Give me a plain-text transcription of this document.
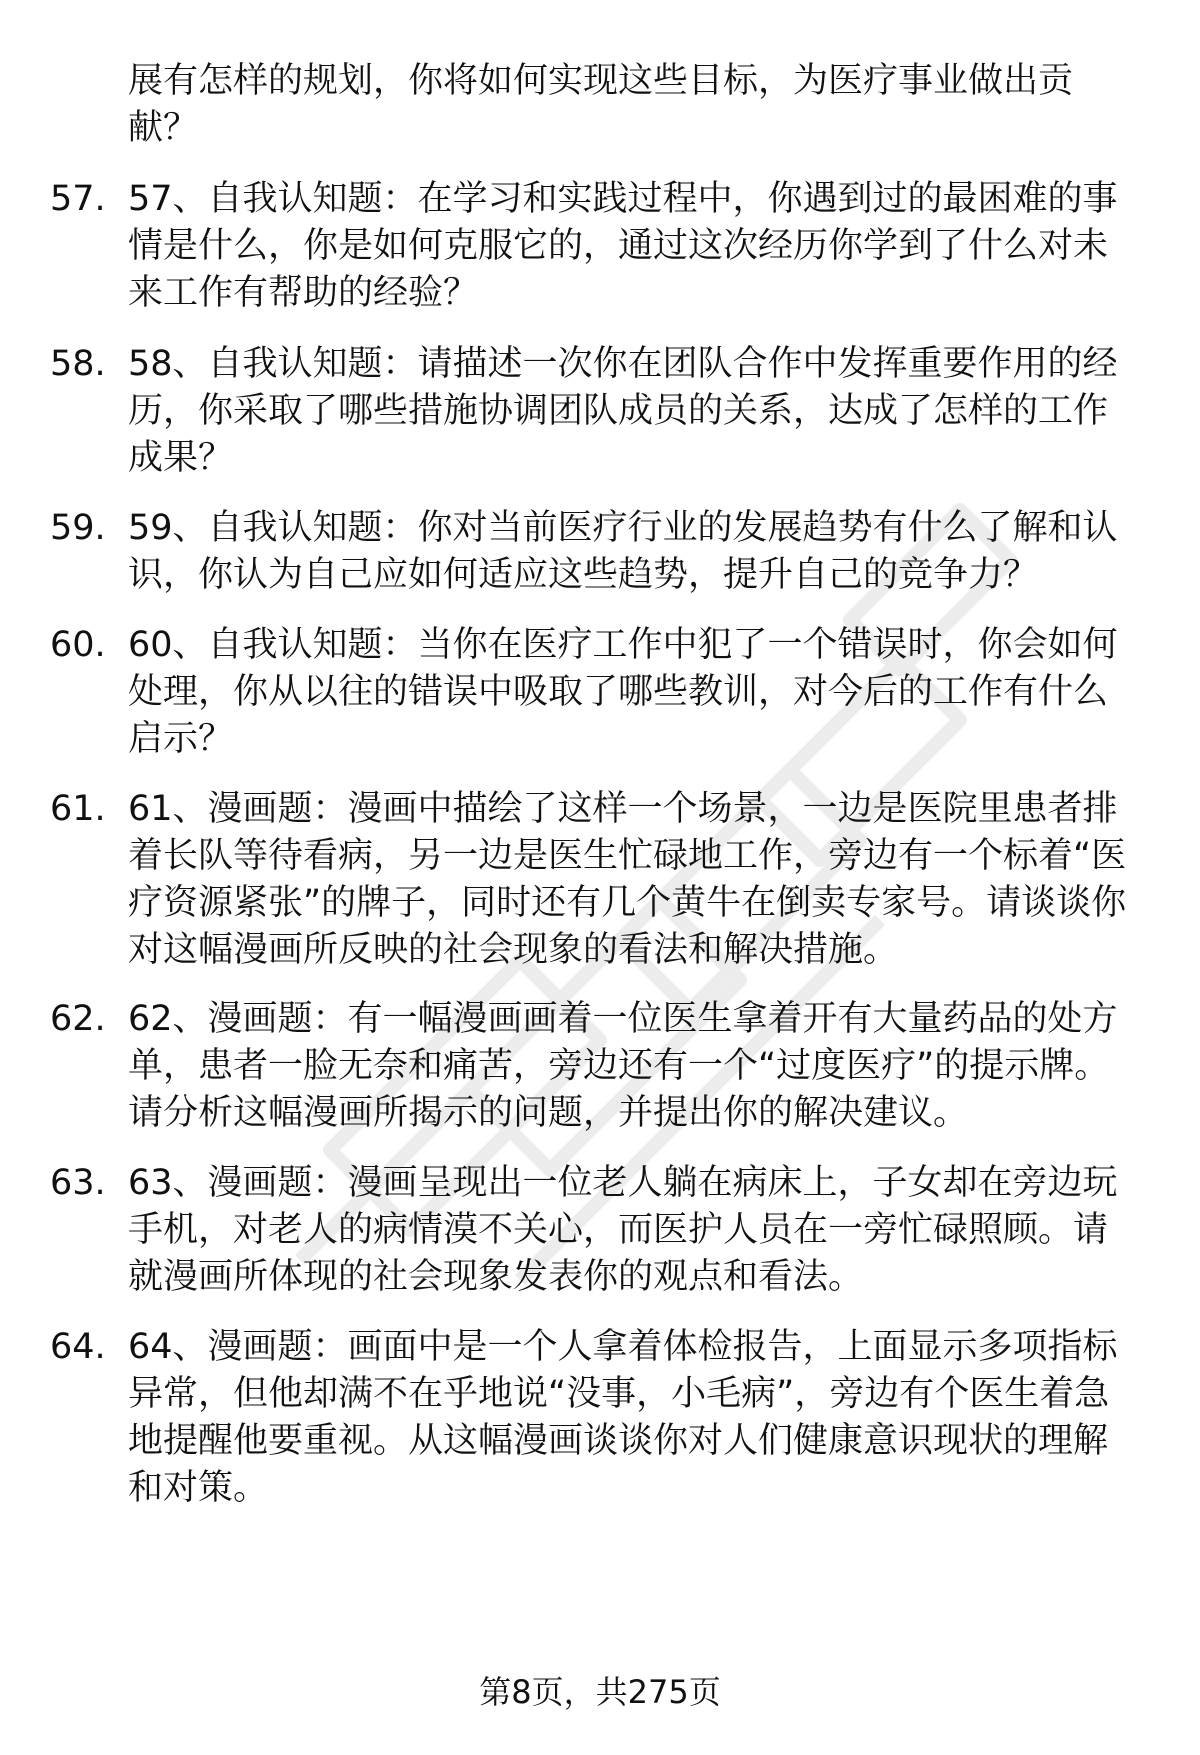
展有怎样的规划，你将如何实现这些目标，为医疗事业做出贡献？

57. 57、自我认知题：在学习和实践过程中，你遇到过的最困难的事情是什么，你是如何克服它的，通过这次经历你学到了什么对未来工作有帮助的经验？

58. 58、自我认知题：请描述一次你在团队合作中发挥重要作用的经历，你采取了哪些措施协调团队成员的关系，达成了怎样的工作成果？

59. 59、自我认知题：你对当前医疗行业的发展趋势有什么了解和认识，你认为自己应如何适应这些趋势，提升自己的竞争力？

60. 60、自我认知题：当你在医疗工作中犯了一个错误时，你会如何处理，你从以往的错误中吸取了哪些教训，对今后的工作有什么启示？

61. 61、漫画题：漫画中描绘了这样一个场景，一边是医院里患者排着长队等待看病，另一边是医生忙碌地工作，旁边有一个标着“医疗资源紧张”的牌子，同时还有几个黄牛在倒卖专家号。请谈谈你对这幅漫画所反映的社会现象的看法和解决措施。

62. 62、漫画题：有一幅漫画画着一位医生拿着开有大量药品的处方单，患者一脸无奈和痛苦，旁边还有一个“过度医疗”的提示牌。请分析这幅漫画所揭示的问题，并提出你的解决建议。

63. 63、漫画题：漫画呈现出一位老人躺在病床上，子女却在旁边玩手机，对老人的病情漠不关心，而医护人员在一旁忙碌照顾。请就漫画所体现的社会现象发表你的观点和看法。

64. 64、漫画题：画面中是一个人拿着体检报告，上面显示多项指标异常，但他却满不在乎地说“没事，小毛病”，旁边有个医生着急地提醒他要重视。从这幅漫画谈谈你对人们健康意识现状的理解和对策。

第8页，共275页
